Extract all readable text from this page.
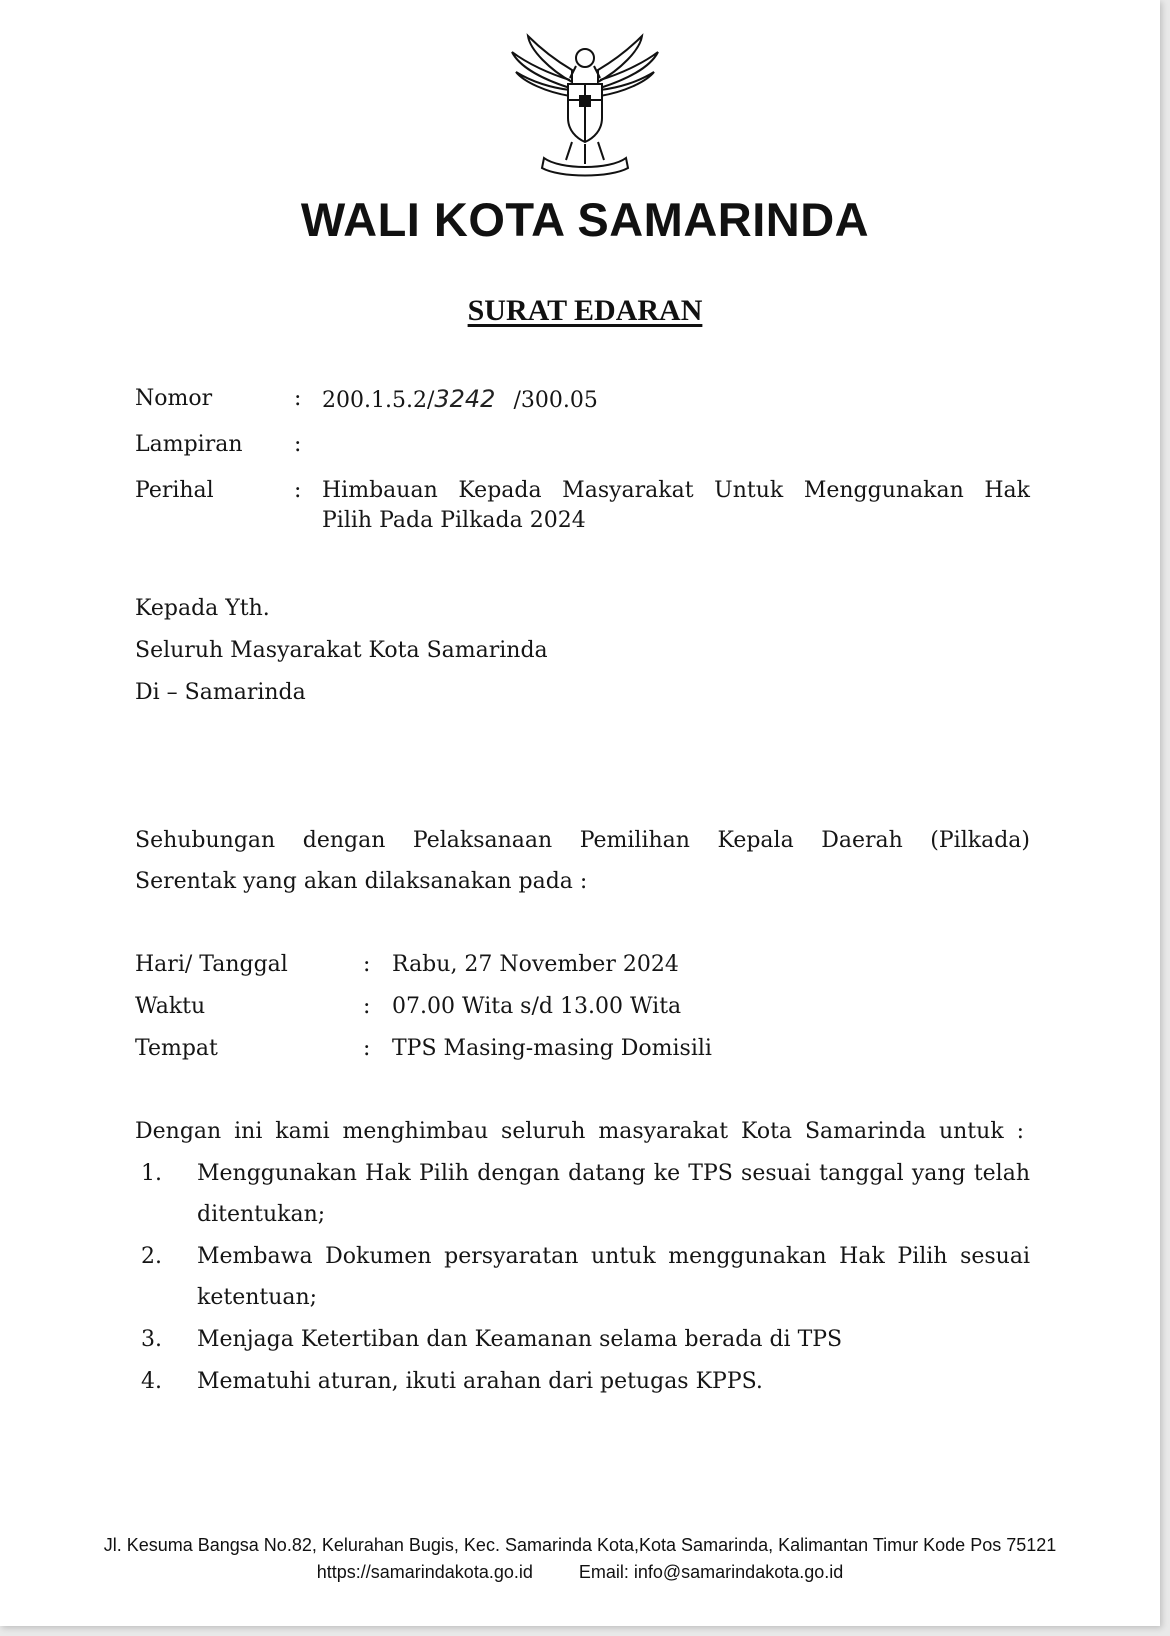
WALI KOTA SAMARINDA
SURAT EDARAN
Nomor	: 200.1.5.2/3242 /300.05
Lampiran :
Perihal	: Himbauan Kepada Masyarakat Untuk Menggunakan Hak
Pilih Pada Pilkada 2024
Kepada Yth.
Seluruh Masyarakat Kota Samarinda
Di – Samarinda
Sehubungan dengan Pelaksanaan Pemilihan Kepala Daerah (Pilkada)
Serentak yang akan dilaksanakan pada :
Hari/ Tanggal	: Rabu, 27 November 2024
Waktu	: 07.00 Wita s/d 13.00 Wita
Tempat	: TPS Masing-masing Domisili
Dengan ini kami menghimbau seluruh masyarakat Kota Samarinda untuk :
1. Menggunakan Hak Pilih dengan datang ke TPS sesuai tanggal yang telah
ditentukan;
2. Membawa Dokumen persyaratan untuk menggunakan Hak Pilih sesuai
ketentuan;
3. Menjaga Ketertiban dan Keamanan selama berada di TPS
4. Mematuhi aturan, ikuti arahan dari petugas KPPS.
Jl. Kesuma Bangsa No.82, Kelurahan Bugis, Kec. Samarinda Kota,Kota Samarinda, Kalimantan Timur Kode Pos 75121
https://samarindakota.go.id	Email: info@samarindakota.go.id
